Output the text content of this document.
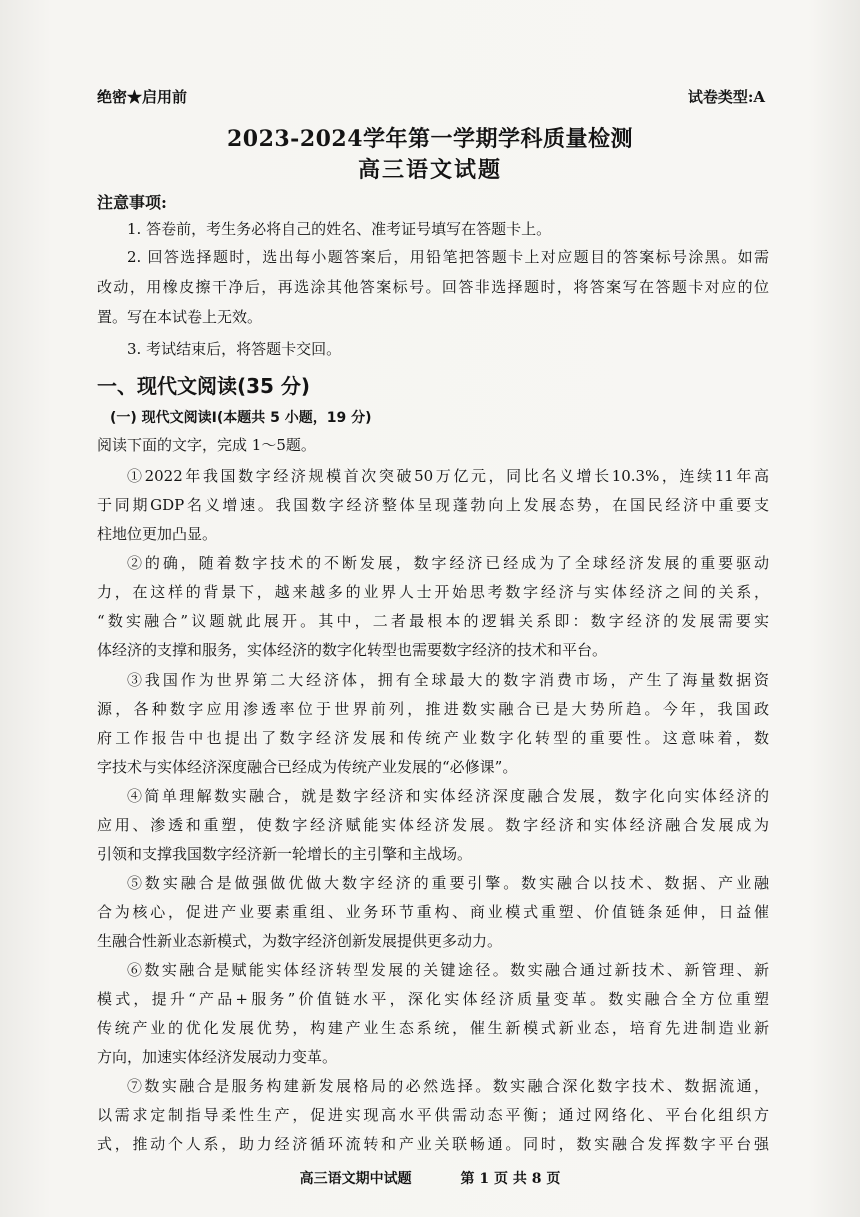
绝密★启用前	试卷类型:A
2023-2024学年第一学期学科质量检测
高三语文试题
注意事项:
1. 答卷前，考生务必将自己的姓名、准考证号填写在答题卡上。
2. 回答选择题时，选出每小题答案后，用铅笔把答题卡上对应题目的答案标号涂黑。如需
改动，用橡皮擦干净后，再选涂其他答案标号。回答非选择题时，将答案写在答题卡对应的位
置。写在本试卷上无效。
3. 考试结束后，将答题卡交回。
一、现代文阅读(35 分)
(一) 现代文阅读Ⅰ(本题共 5 小题，19 分)
阅读下面的文字，完成 1～5题。
①2022年我国数字经济规模首次突破50万亿元，同比名义增长10.3%，连续11年高
于同期GDP名义增速。我国数字经济整体呈现蓬勃向上发展态势，在国民经济中重要支
柱地位更加凸显。
②的确，随着数字技术的不断发展，数字经济已经成为了全球经济发展的重要驱动
力，在这样的背景下，越来越多的业界人士开始思考数字经济与实体经济之间的关系，
“数实融合”议题就此展开。其中，二者最根本的逻辑关系即：数字经济的发展需要实
体经济的支撑和服务，实体经济的数字化转型也需要数字经济的技术和平台。
③我国作为世界第二大经济体，拥有全球最大的数字消费市场，产生了海量数据资
源，各种数字应用渗透率位于世界前列，推进数实融合已是大势所趋。今年，我国政
府工作报告中也提出了数字经济发展和传统产业数字化转型的重要性。这意味着，数
字技术与实体经济深度融合已经成为传统产业发展的“必修课”。
④简单理解数实融合，就是数字经济和实体经济深度融合发展，数字化向实体经济的
应用、渗透和重塑，使数字经济赋能实体经济发展。数字经济和实体经济融合发展成为
引领和支撑我国数字经济新一轮增长的主引擎和主战场。
⑤数实融合是做强做优做大数字经济的重要引擎。数实融合以技术、数据、产业融
合为核心，促进产业要素重组、业务环节重构、商业模式重塑、价值链条延伸，日益催
生融合性新业态新模式，为数字经济创新发展提供更多动力。
⑥数实融合是赋能实体经济转型发展的关键途径。数实融合通过新技术、新管理、新
模式，提升“产品+服务”价值链水平，深化实体经济质量变革。数实融合全方位重塑
传统产业的优化发展优势，构建产业生态系统，催生新模式新业态，培育先进制造业新
方向，加速实体经济发展动力变革。
⑦数实融合是服务构建新发展格局的必然选择。数实融合深化数字技术、数据流通，
以需求定制指导柔性生产，促进实现高水平供需动态平衡；通过网络化、平台化组织方
式，推动个人系，助力经济循环流转和产业关联畅通。同时，数实融合发挥数字平台强
高三语文期中试题	第 1 页 共 8 页
